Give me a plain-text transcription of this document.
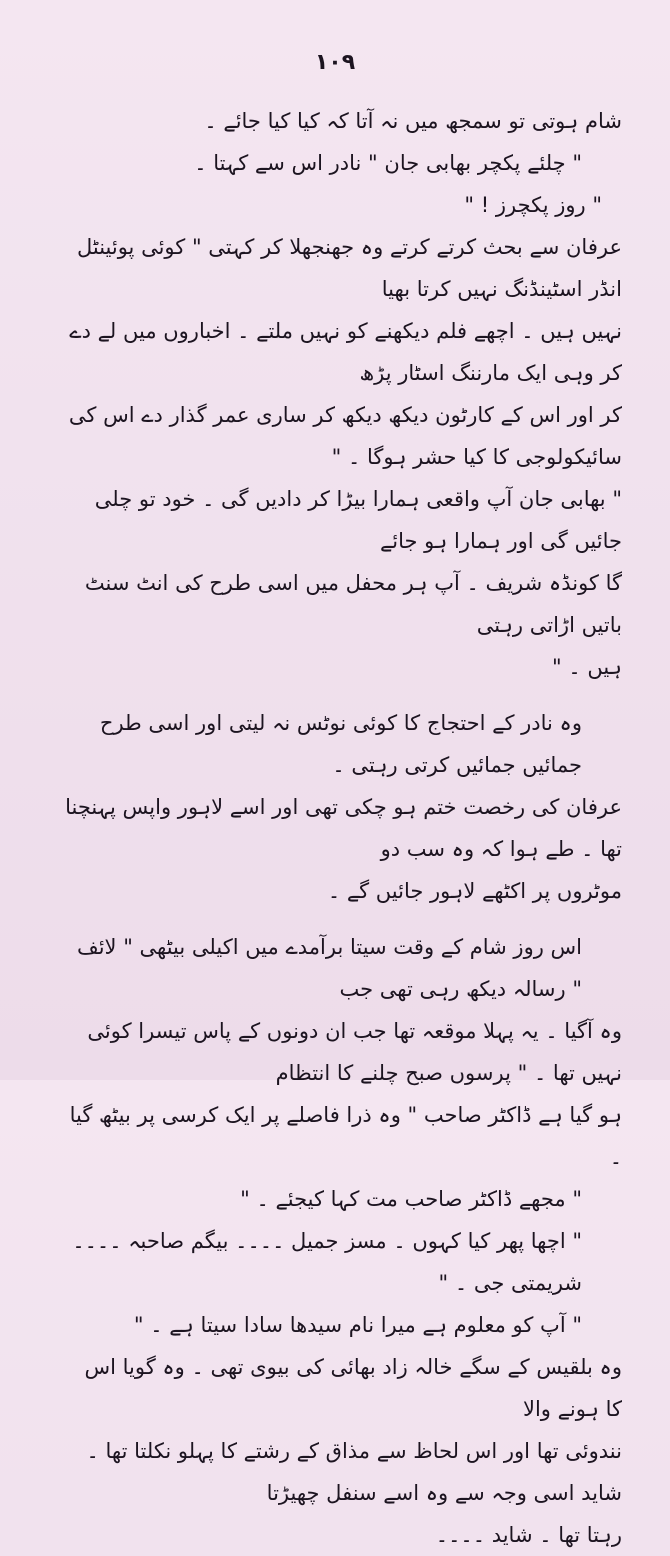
١٠٩

شام ہوتی تو سمجھ میں نہ آتا کہ کیا کیا جائے ۔

" چلئے پکچر بھابی جان " نادر اس سے کہتا ۔

" روز پکچرز ! "

عرفان سے بحث کرتے کرتے وہ جھنجھلا کر کہتی " کوئی پوئینٹل انڈر اسٹینڈنگ نہیں کرتا بھیا

نہیں ہیں ۔ اچھے فلم دیکھنے کو نہیں ملتے ۔ اخباروں میں لے دے کر وہی ایک مارننگ اسٹار پڑھ

کر اور اس کے کارٹون دیکھ دیکھ کر ساری عمر گذار دے اس کی سائیکولوجی کا کیا حشر ہوگا ۔ "

" بھابی جان آپ واقعی ہمارا بیڑا کر دادیں گی ۔ خود تو چلی جائیں گی اور ہمارا ہو جائے

گا کونڈہ شریف ۔ آپ ہر محفل میں اسی طرح کی انٹ سنٹ باتیں اڑاتی رہتی

ہیں ۔ "

وہ نادر کے احتجاج کا کوئی نوٹس نہ لیتی اور اسی طرح جمائیں جمائیں کرتی رہتی ۔

عرفان کی رخصت ختم ہو چکی تھی اور اسے لاہور واپس پہنچنا تھا ۔ طے ہوا کہ وہ سب دو

موٹروں پر اکٹھے لاہور جائیں گے ۔

اس روز شام کے وقت سیتا برآمدے میں اکیلی بیٹھی " لائف " رسالہ دیکھ رہی تھی جب

وہ آگیا ۔ یہ پہلا موقعہ تھا جب ان دونوں کے پاس تیسرا کوئی نہیں تھا ۔ " پرسوں صبح چلنے کا انتظام

ہو گیا ہے ڈاکٹر صاحب " وہ ذرا فاصلے پر ایک کرسی پر بیٹھ گیا ۔

" مجھے ڈاکٹر صاحب مت کہا کیجئے ۔ "

" اچھا پھر کیا کہوں ۔ مسز جمیل ۔۔۔۔ بیگم صاحبہ ۔۔۔۔ شریمتی جی ۔ "

" آپ کو معلوم ہے میرا نام سیدھا سادا سیتا ہے ۔ "

وہ بلقیس کے سگے خالہ زاد بھائی کی بیوی تھی ۔ وہ گویا اس کا ہونے والا

نندوئی تھا اور اس لحاظ سے مذاق کے رشتے کا پہلو نکلتا تھا ۔ شاید اسی وجہ سے وہ اسے سنفل چھیڑتا

رہتا تھا ۔ شاید ۔۔۔۔
